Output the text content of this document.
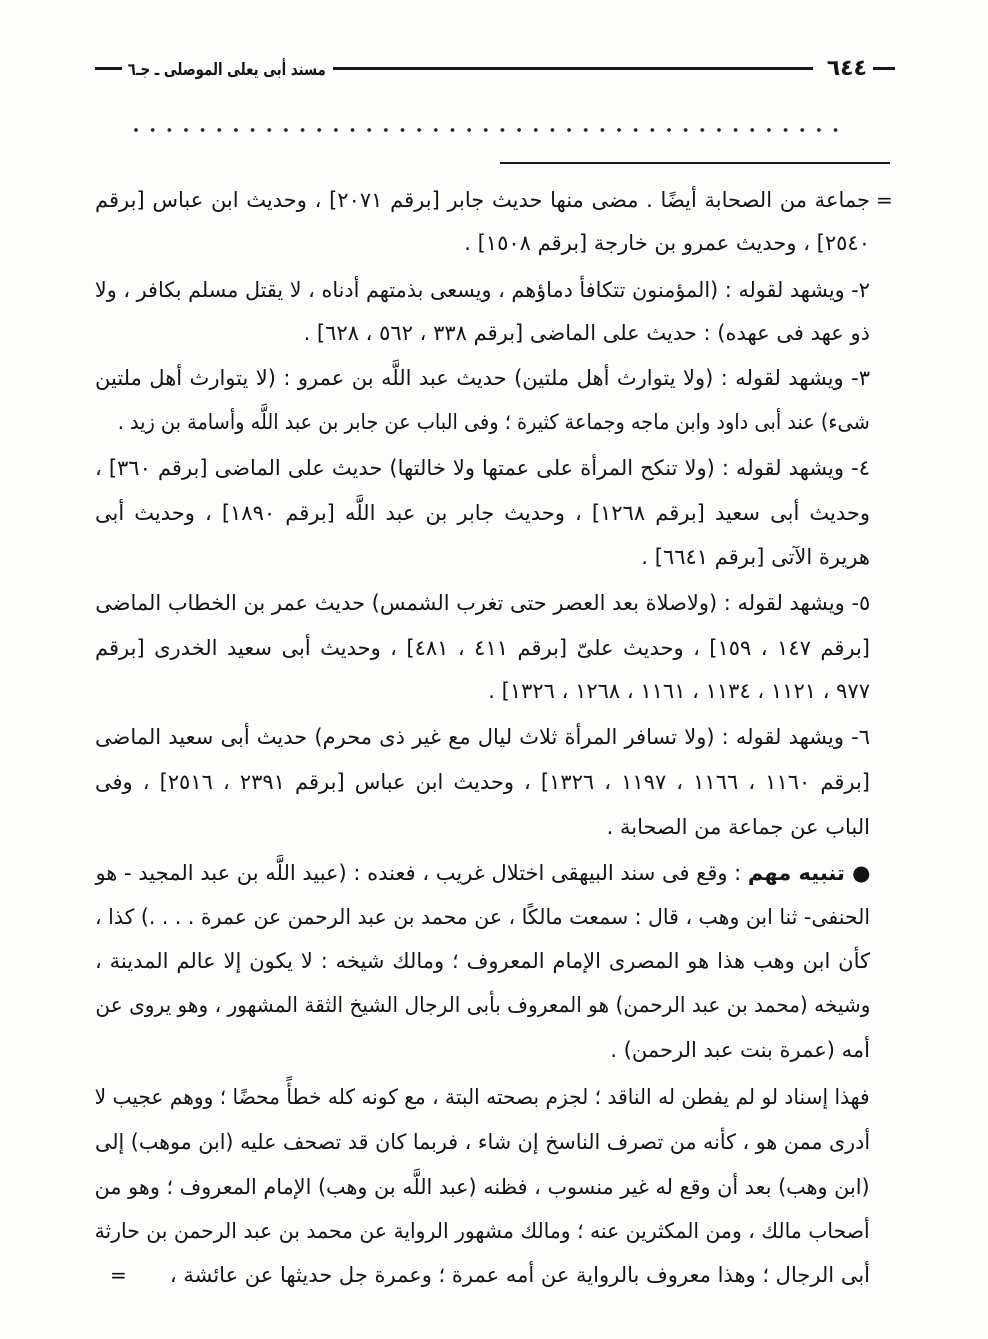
٦٤٤
مسند أبى يعلى الموصلى ـ جـ٦
=
جماعة من الصحابة أيضًا . مضى منها حديث جابر [برقم ٢٠٧١] ، وحديث ابن عباس [برقم
٢٥٤٠] ، وحديث عمرو بن خارجة [برقم ١٥٠٨] .
٢- ويشهد لقوله : (المؤمنون تتكافأ دماؤهم ، ويسعى بذمتهم أدناه ، لا يقتل مسلم بكافر ، ولا
ذو عهد فى عهده) : حديث على الماضى [برقم ٣٣٨ ، ٥٦٢ ، ٦٢٨] .
٣- ويشهد لقوله : (ولا يتوارث أهل ملتين) حديث عبد اللَّه بن عمرو : (لا يتوارث أهل ملتين
شىء) عند أبى داود وابن ماجه وجماعة كثيرة ؛ وفى الباب عن جابر بن عبد اللَّه وأسامة بن زيد .
٤- ويشهد لقوله : (ولا تنكح المرأة على عمتها ولا خالتها) حديث على الماضى [برقم ٣٦٠] ،
وحديث أبى سعيد [برقم ١٢٦٨] ، وحديث جابر بن عبد اللَّه [برقم ١٨٩٠] ، وحديث أبى
هريرة الآتى [برقم ٦٦٤١] .
٥- ويشهد لقوله : (ولاصلاة بعد العصر حتى تغرب الشمس) حديث عمر بن الخطاب الماضى
[برقم ١٤٧ ، ١٥٩] ، وحديث علىّ [برقم ٤١١ ، ٤٨١] ، وحديث أبى سعيد الخدرى [برقم
٩٧٧ ، ١١٢١ ، ١١٣٤ ، ١١٦١ ، ١٢٦٨ ، ١٣٢٦] .
٦- ويشهد لقوله : (ولا تسافر المرأة ثلاث ليال مع غير ذى محرم) حديث أبى سعيد الماضى
[برقم ١١٦٠ ، ١١٦٦ ، ١١٩٧ ، ١٣٢٦] ، وحديث ابن عباس [برقم ٢٣٩١ ، ٢٥١٦] ، وفى
الباب عن جماعة من الصحابة .
● تنبيه مهم : وقع فى سند البيهقى اختلال غريب ، فعنده : (عبيد اللَّه بن عبد المجيد - هو
الحنفى- ثنا ابن وهب ، قال : سمعت مالكًا ، عن محمد بن عبد الرحمن عن عمرة . . . .) كذا ،
كأن ابن وهب هذا هو المصرى الإمام المعروف ؛ ومالك شيخه : لا يكون إلا عالم المدينة ،
وشيخه (محمد بن عبد الرحمن) هو المعروف بأبى الرجال الشيخ الثقة المشهور ، وهو يروى عن
أمه (عمرة بنت عبد الرحمن) .
فهذا إسناد لو لم يفطن له الناقد ؛ لجزم بصحته البتة ، مع كونه كله خطأً محضًا ؛ ووهم عجيب لا
أدرى ممن هو ، كأنه من تصرف الناسخ إن شاء ، فربما كان قد تصحف عليه (ابن موهب) إلى
(ابن وهب) بعد أن وقع له غير منسوب ، فظنه (عبد اللَّه بن وهب) الإمام المعروف ؛ وهو من
أصحاب مالك ، ومن المكثرين عنه ؛ ومالك مشهور الرواية عن محمد بن عبد الرحمن بن حارثة
أبى الرجال ؛ وهذا معروف بالرواية عن أمه عمرة ؛ وعمرة جل حديثها عن عائشة ،
=
